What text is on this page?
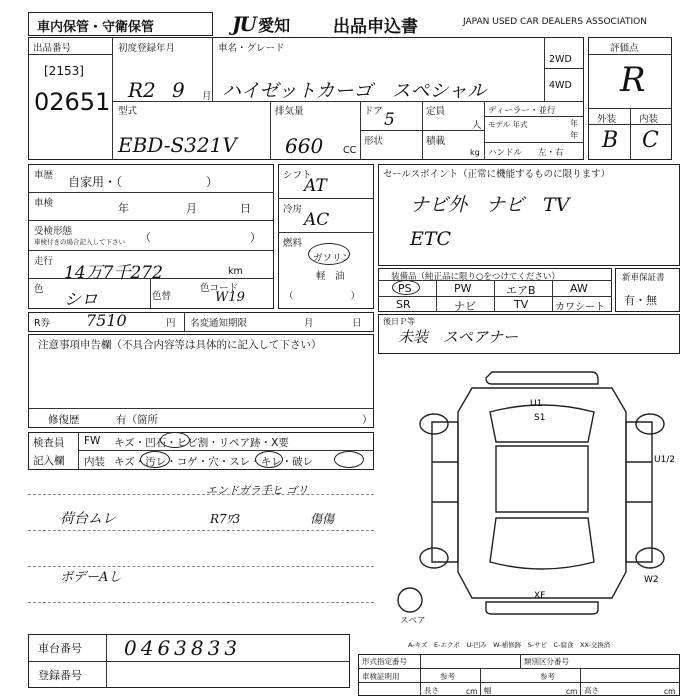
車内保管・守衛保管	JU 愛知	出品申込書	JAPAN USED CAR DEALERS ASSOCIATION
出品番号
[2153]
02651
初度登録年月	車名・グレード
R2 9 月 ハイゼットカーゴ　スペシャル
2WD
4WD
型式
EBD-S321V
排気量
660 CC
ドア 5
形状
定員
人
積載
kg
ディーラー・並行
モデル 年式	年
年
ハンドル 左・右
評価点
R
外装 内装
B C
車歴 自家用・（　　　　　　　）
車検	年	月	日
受検形態
車検付きの場合記入して下さい （　　　　　　　　　）
走行
14万7千272	km
色
シロ	色替
色コード
W19
シフト
AT
冷房
AC
燃料
ガソリン
軽　油
（　　　　　　）
セールスポイント（正常に機能するものに限ります）
ナビ外　ナビ　TV
ETC
装備品（純正品に限り○をつけてください）
PS	PW	エアB	AW
SR	ナビ	TV	カワシート
新車保証書
有・無
R券 7510	円 名変通知期限	月	日	後日Ｐ等
未装　スペアナー
注意事項申告欄（不具合内容等は具体的に記入して下さい）
修復歴	有（箇所	）
検査員
記入欄
FW キズ・凹石・ヒビ割・リペア跡・X要
内装 キズ・汚レ・コゲ・穴・スレ・キレ・破レ
エンドガラ手ヒ ゴリ
荷台ムレ	R7ﾜ3	傷傷
ボデーAし
U1
S1
U1/2
XF
W2
スペア
A-キズ　E-エクボ　U-凹み　W-補修跡　S-サビ　C-腐食　XX-交換済
車台番号 0463833
登録番号
形式指定番号	類別区分番号
車検証明用	参考	参考
長さ	cm 幅	cm 高さ	cm
